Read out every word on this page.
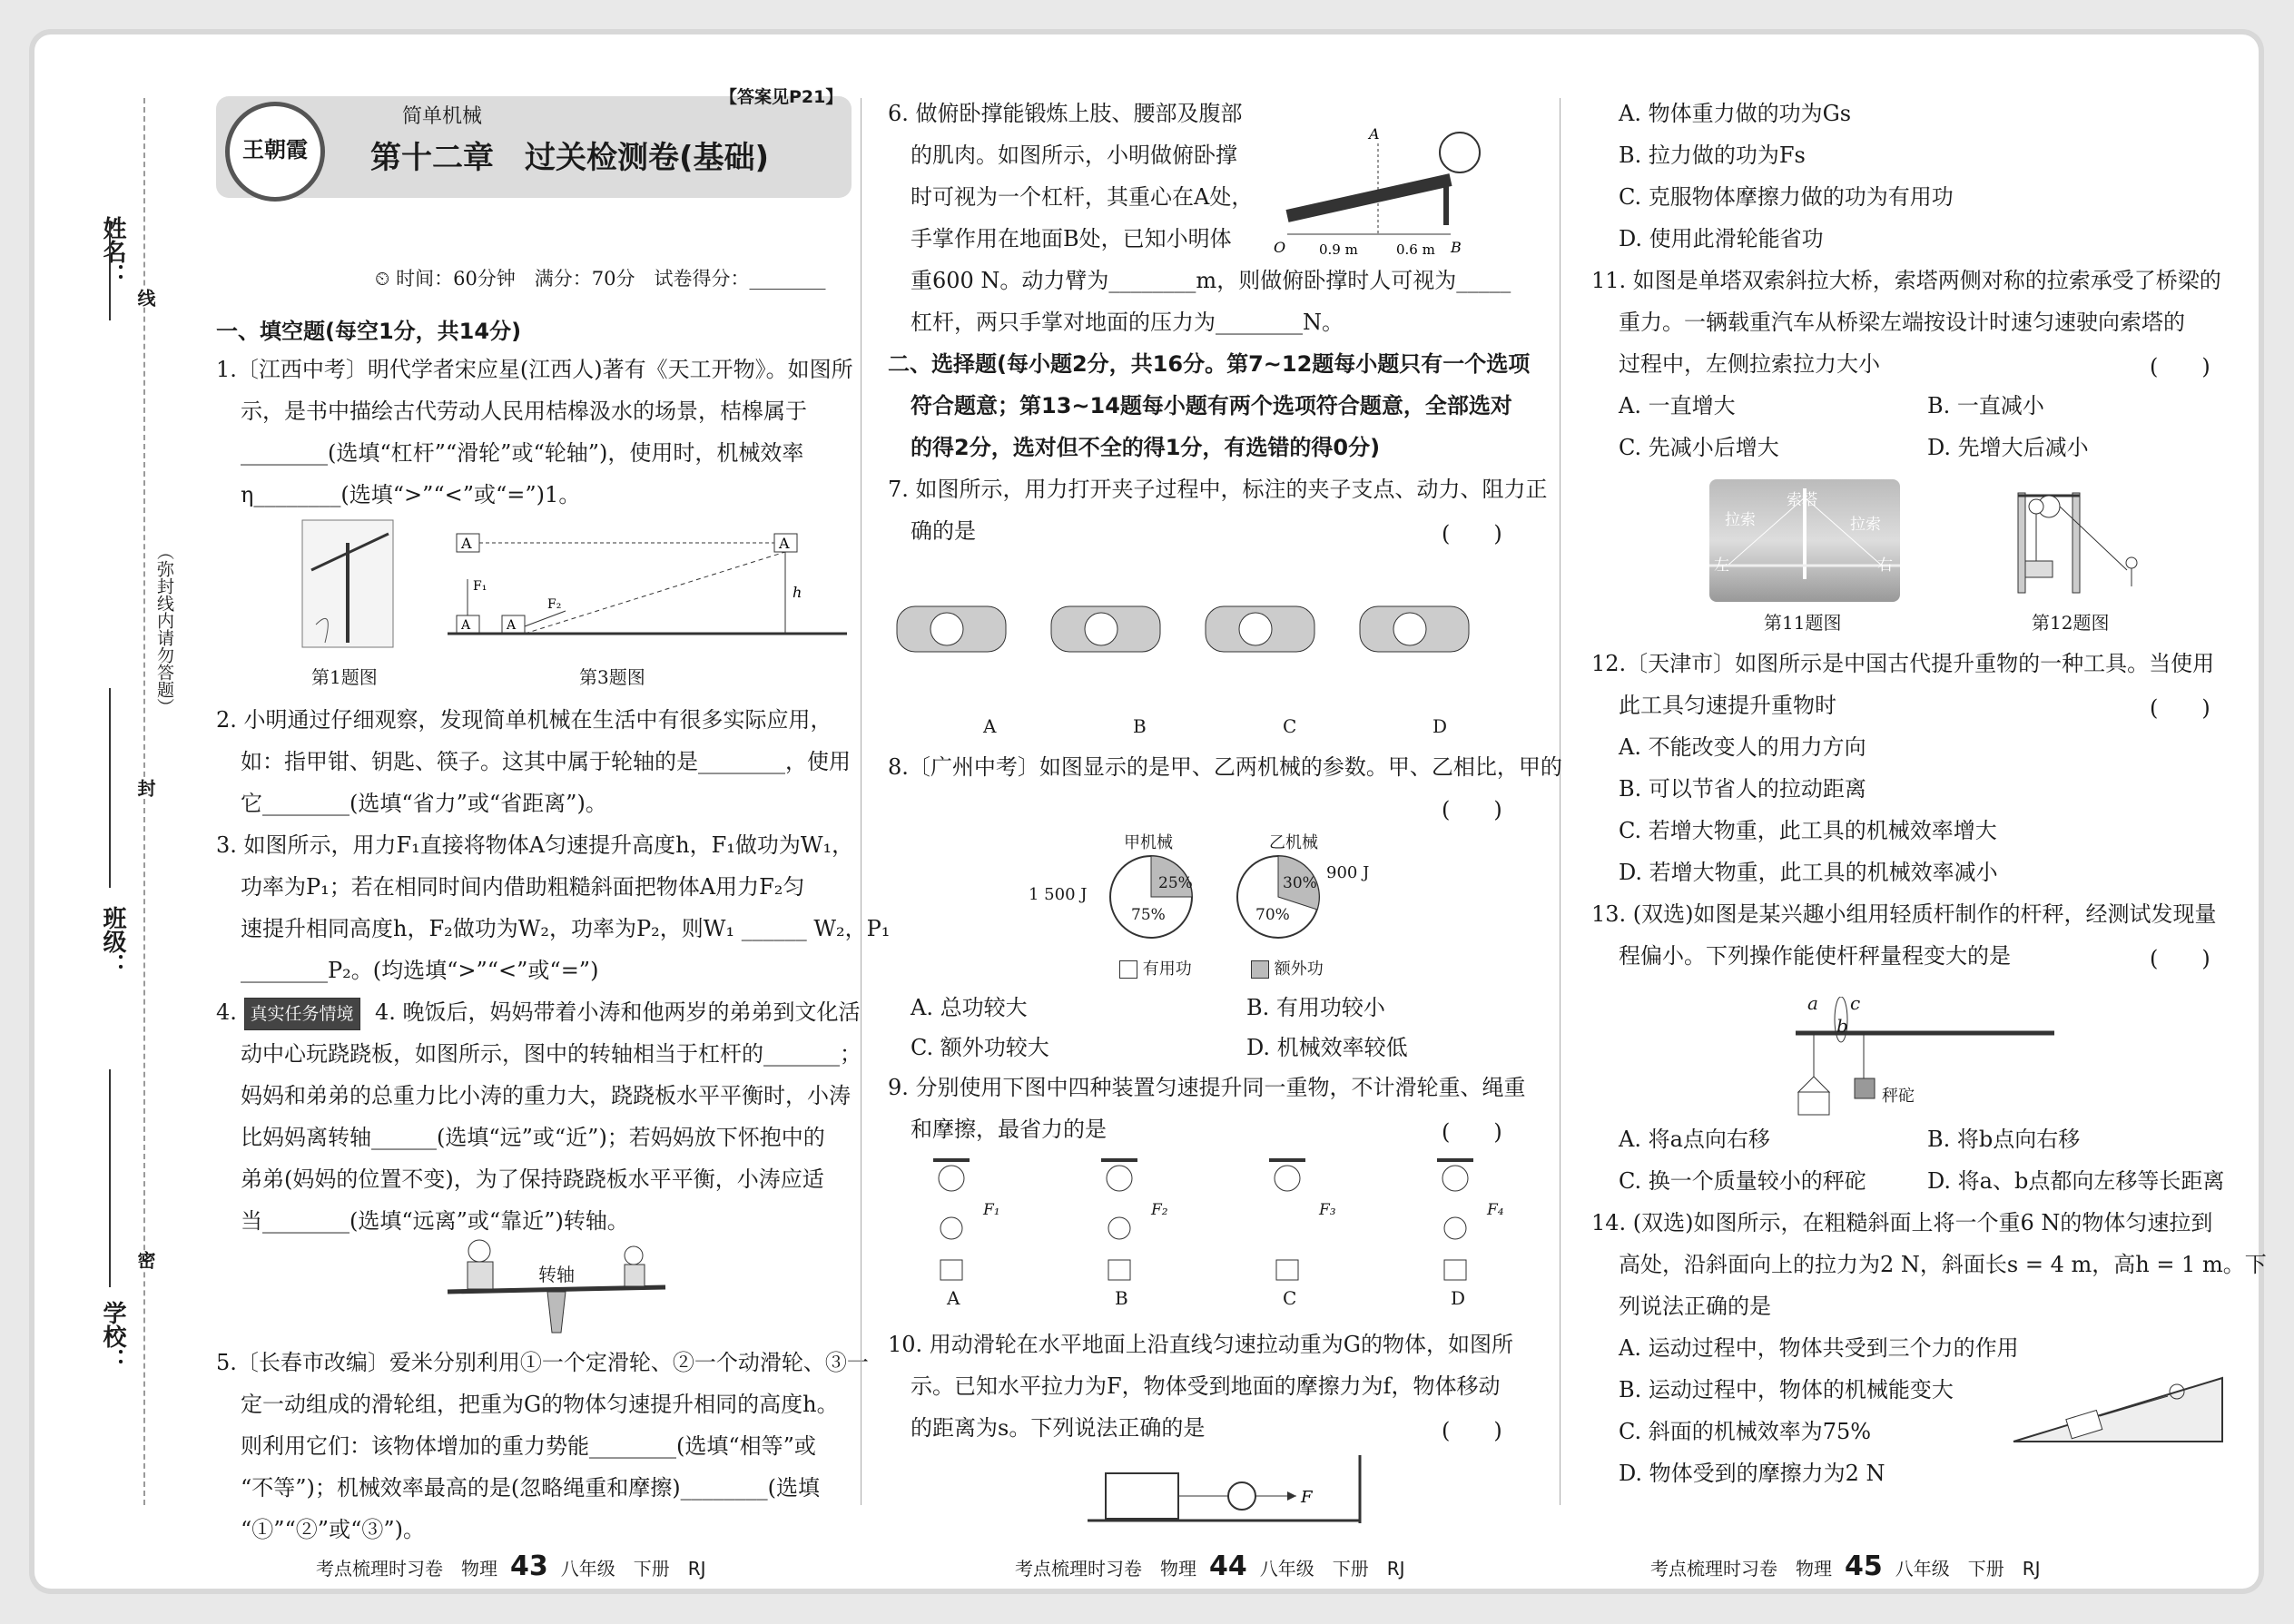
姓名：
班级：
学校：
线
封
密
（弥封线内请勿答题）
王朝霞
简单机械
第十二章　过关检测卷(基础)
【答案见P21】
⏲ 时间：60分钟　满分：70分　试卷得分：________
一、填空题(每空1分，共14分)
1.〔江西中考〕明代学者宋应星(江西人)著有《天工开物》。如图所
示，是书中描绘古代劳动人民用桔槔汲水的场景，桔槔属于
________(选填“杠杆”“滑轮”或“轮轴”)，使用时，机械效率
η________(选填“>”“<”或“=”)1。
A	A
h
F₁
A	A
F₂
第1题图	第3题图
2. 小明通过仔细观察，发现简单机械在生活中有很多实际应用，
如：指甲钳、钥匙、筷子。这其中属于轮轴的是________，使用
它________(选填“省力”或“省距离”)。
3. 如图所示，用力F₁直接将物体A匀速提升高度h，F₁做功为W₁，
功率为P₁；若在相同时间内借助粗糙斜面把物体A用力F₂匀
速提升相同高度h，F₂做功为W₂，功率为P₂，则W₁ ______ W₂，P₁
________P₂。(均选填“>”“<”或“=”)
4. 真实任务情境 4. 晚饭后，妈妈带着小涛和他两岁的弟弟到文化活
动中心玩跷跷板，如图所示，图中的转轴相当于杠杆的_______；
妈妈和弟弟的总重力比小涛的重力大，跷跷板水平平衡时，小涛
比妈妈离转轴______(选填“远”或“近”)；若妈妈放下怀抱中的
弟弟(妈妈的位置不变)，为了保持跷跷板水平平衡，小涛应适
当________(选填“远离”或“靠近”)转轴。
转轴
5.〔长春市改编〕爱米分别利用①一个定滑轮、②一个动滑轮、③一
定一动组成的滑轮组，把重为G的物体匀速提升相同的高度h。
则利用它们：该物体增加的重力势能________(选填“相等”或
“不等”)；机械效率最高的是(忽略绳重和摩擦)________(选填
“①”“②”或“③”)。
考点梳理时习卷　物理 43 八年级　下册　RJ
6. 做俯卧撑能锻炼上肢、腰部及腹部
的肌肉。如图所示，小明做俯卧撑
时可视为一个杠杆，其重心在A处，
手掌作用在地面B处，已知小明体
重600 N。动力臂为________m，则做俯卧撑时人可视为_____
杠杆，两只手掌对地面的压力为________N。
A
O 0.9 m	0.6 m B
二、选择题(每小题2分，共16分。第7~12题每小题只有一个选项
符合题意；第13~14题每小题有两个选项符合题意，全部选对
的得2分，选对但不全的得1分，有选错的得0分)
7. 如图所示，用力打开夹子过程中，标注的夹子支点、动力、阻力正
确的是	(　　)
A	B	C	D
8.〔广州中考〕如图显示的是甲、乙两机械的参数。甲、乙相比，甲的
(　　)
甲机械	乙机械
1 500 J
900 J
25%
75%
30%
70%
有用功	额外功
A. 总功较大	B. 有用功较小
C. 额外功较大	D. 机械效率较低
9. 分别使用下图中四种装置匀速提升同一重物，不计滑轮重、绳重
和摩擦，最省力的是	(　　)
F₁	F₂	F₃	F₄
A	B	C	D
10. 用动滑轮在水平地面上沿直线匀速拉动重为G的物体，如图所
示。已知水平拉力为F，物体受到地面的摩擦力为f，物体移动
的距离为s。下列说法正确的是	(　　)
F
考点梳理时习卷　物理 44 八年级　下册　RJ
A. 物体重力做的功为Gs
B. 拉力做的功为Fs
C. 克服物体摩擦力做的功为有用功
D. 使用此滑轮能省功
11. 如图是单塔双索斜拉大桥，索塔两侧对称的拉索承受了桥梁的
重力。一辆载重汽车从桥梁左端按设计时速匀速驶向索塔的
过程中，左侧拉索拉力大小	(　　)
A. 一直增大	B. 一直减小
C. 先减小后增大	D. 先增大后减小
拉索
索塔
拉索
左	右
第11题图	第12题图
12.〔天津市〕如图所示是中国古代提升重物的一种工具。当使用
此工具匀速提升重物时	(　　)
A. 不能改变人的用力方向
B. 可以节省人的拉动距离
C. 若增大物重，此工具的机械效率增大
D. 若增大物重，此工具的机械效率减小
13. (双选)如图是某兴趣小组用轻质杆制作的杆秤，经测试发现量
程偏小。下列操作能使杆秤量程变大的是	(　　)
a
b
c
秤砣
A. 将a点向右移	B. 将b点向右移
C. 换一个质量较小的秤砣	D. 将a、b点都向左移等长距离
14. (双选)如图所示，在粗糙斜面上将一个重6 N的物体匀速拉到
高处，沿斜面向上的拉力为2 N，斜面长s = 4 m，高h = 1 m。下
列说法正确的是
A. 运动过程中，物体共受到三个力的作用
B. 运动过程中，物体的机械能变大
C. 斜面的机械效率为75%
D. 物体受到的摩擦力为2 N
考点梳理时习卷　物理 45 八年级　下册　RJ
